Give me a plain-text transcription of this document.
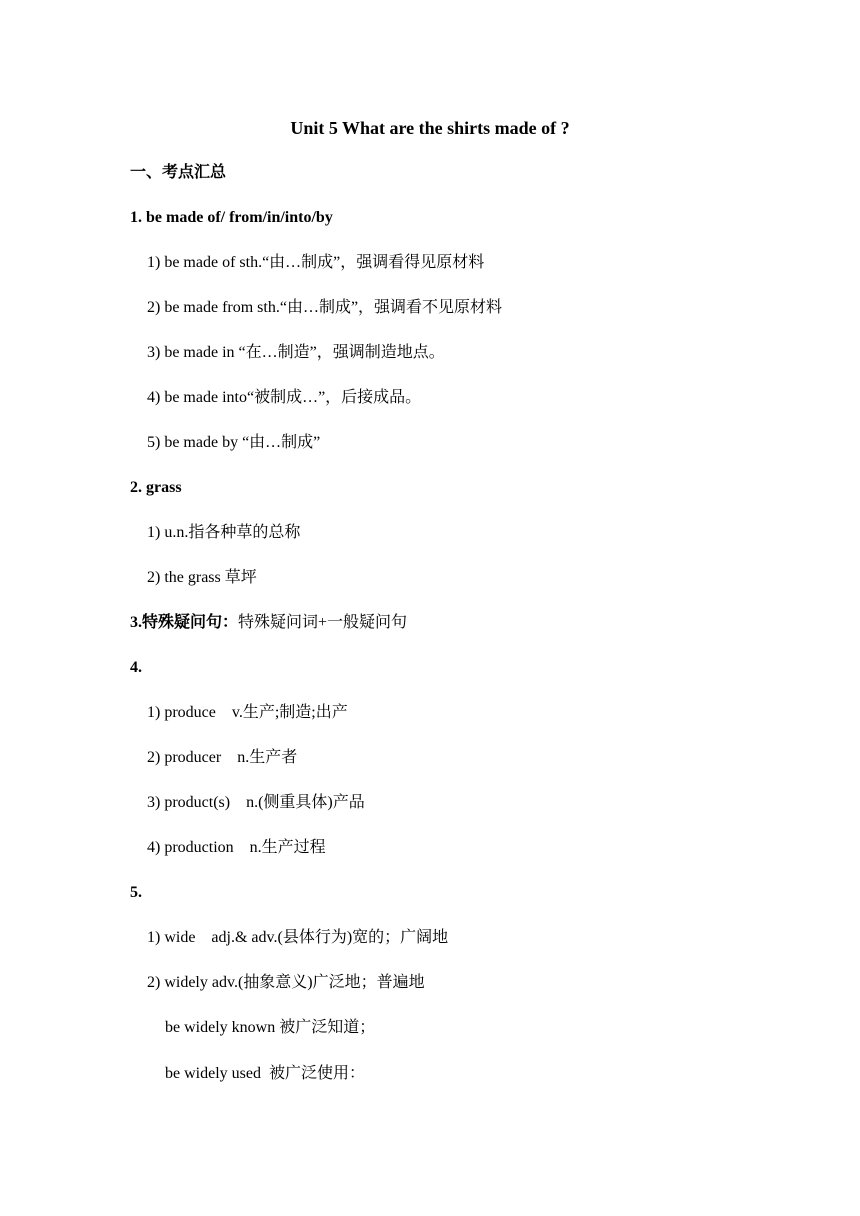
Unit 5 What are the shirts made of ?
一、考点汇总
1. be made of/ from/in/into/by
1) be made of sth.“由…制成”，强调看得见原材料
2) be made from sth.“由…制成”，强调看不见原材料
3) be made in “在…制造”，强调制造地点。
4) be made into“被制成…”，后接成品。
5) be made by “由…制成”
2. grass
1) u.n.指各种草的总称
2) the grass 草坪
3.特殊疑问句：特殊疑问词+一般疑问句
4.
1) produce    v.生产;制造;出产
2) producer    n.生产者
3) product(s)    n.(侧重具体)产品
4) production    n.生产过程
5.
1) wide    adj.& adv.(县体行为)宽的；广阔地
2) widely adv.(抽象意义)广泛地；普遍地
be widely known 被广泛知道；
be widely used  被广泛使用：
